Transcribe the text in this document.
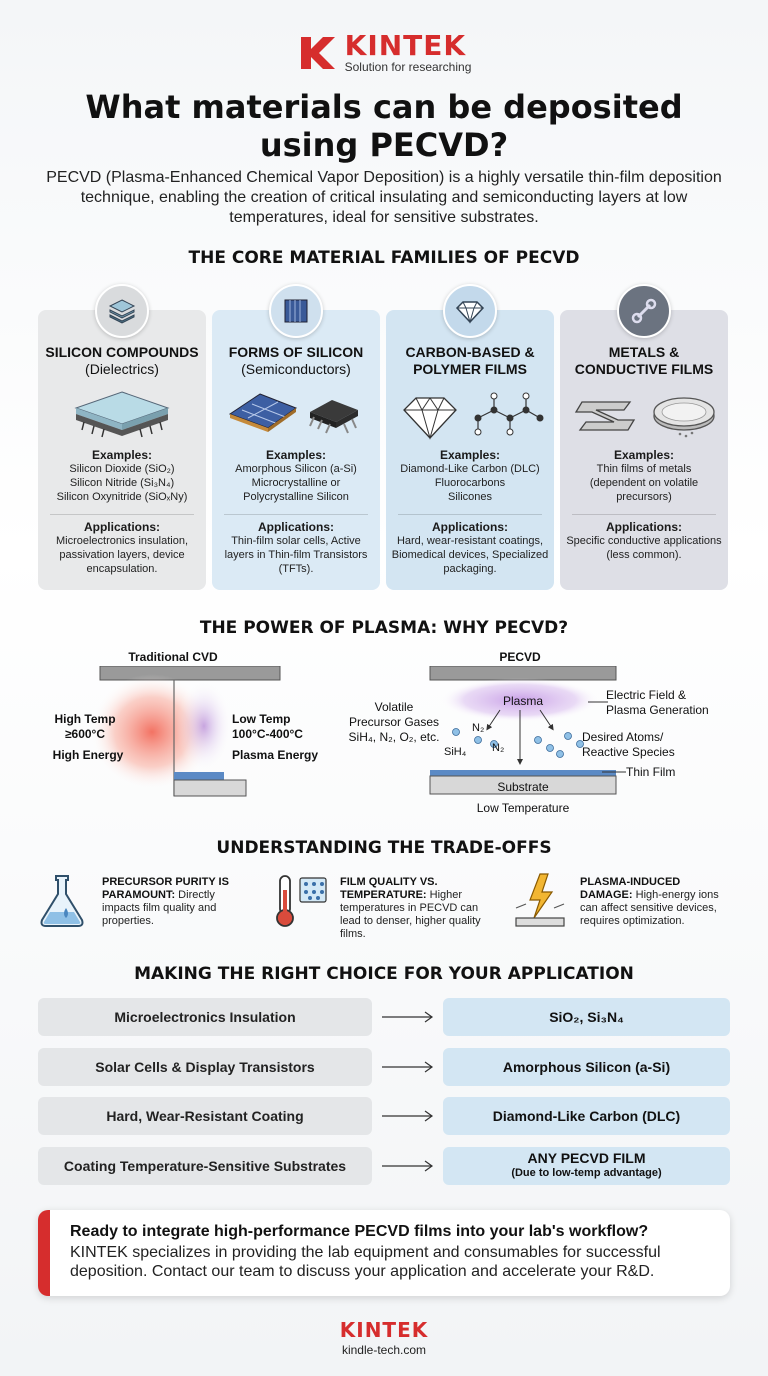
KINTEK
Solution for researching
What materials can be deposited using PECVD?
PECVD (Plasma-Enhanced Chemical Vapor Deposition) is a highly versatile thin-film deposition technique, enabling the creation of critical insulating and semiconducting layers at low temperatures, ideal for sensitive substrates.
THE CORE MATERIAL FAMILIES OF PECVD
SILICON COMPOUNDS
(Dielectrics)
Examples:
Silicon Dioxide (SiO₂)
Silicon Nitride (Si₃N₄)
Silicon Oxynitride (SiOₓNy)
Applications:
Microelectronics insulation, passivation layers, device encapsulation.
FORMS OF SILICON
(Semiconductors)
Examples:
Amorphous Silicon (a-Si)
Microcrystalline or
Polycrystalline Silicon
Applications:
Thin-film solar cells, Active layers in Thin-film Transistors (TFTs).
CARBON-BASED &
POLYMER FILMS
Examples:
Diamond-Like Carbon (DLC)
Fluorocarbons
Silicones
Applications:
Hard, wear-resistant coatings, Biomedical devices, Specialized packaging.
METALS &
CONDUCTIVE FILMS
Examples:
Thin films of metals
(dependent on volatile
precursors)
Applications:
Specific conductive applications (less common).
THE POWER OF PLASMA: WHY PECVD?
Traditional CVD
High Temp
≥600°C
High Energy
Low Temp
100°C-400°C
Plasma Energy
PECVD
Plasma	Electric Field &
Plasma Generation
Volatile
Precursor Gases
SiH₄, N₂, O₂, etc.
N₂
N₂
SiH₄
Desired Atoms/
Reactive Species
Thin Film
Substrate
Low Temperature
UNDERSTANDING THE TRADE-OFFS
PRECURSOR PURITY IS PARAMOUNT: Directly impacts film quality and properties.
FILM QUALITY VS. TEMPERATURE: Higher temperatures in PECVD can lead to denser, higher quality films.
PLASMA-INDUCED DAMAGE: High-energy ions can affect sensitive devices, requires optimization.
MAKING THE RIGHT CHOICE FOR YOUR APPLICATION
Microelectronics Insulation	SiO₂, Si₃N₄
Solar Cells & Display Transistors	Amorphous Silicon (a-Si)
Hard, Wear-Resistant Coating	Diamond-Like Carbon (DLC)
Coating Temperature-Sensitive Substrates	ANY PECVD FILM
(Due to low-temp advantage)
Ready to integrate high-performance PECVD films into your lab's workflow?
KINTEK specializes in providing the lab equipment and consumables for successful deposition. Contact our team to discuss your application and accelerate your R&D.
KINTEK
kindle-tech.com
